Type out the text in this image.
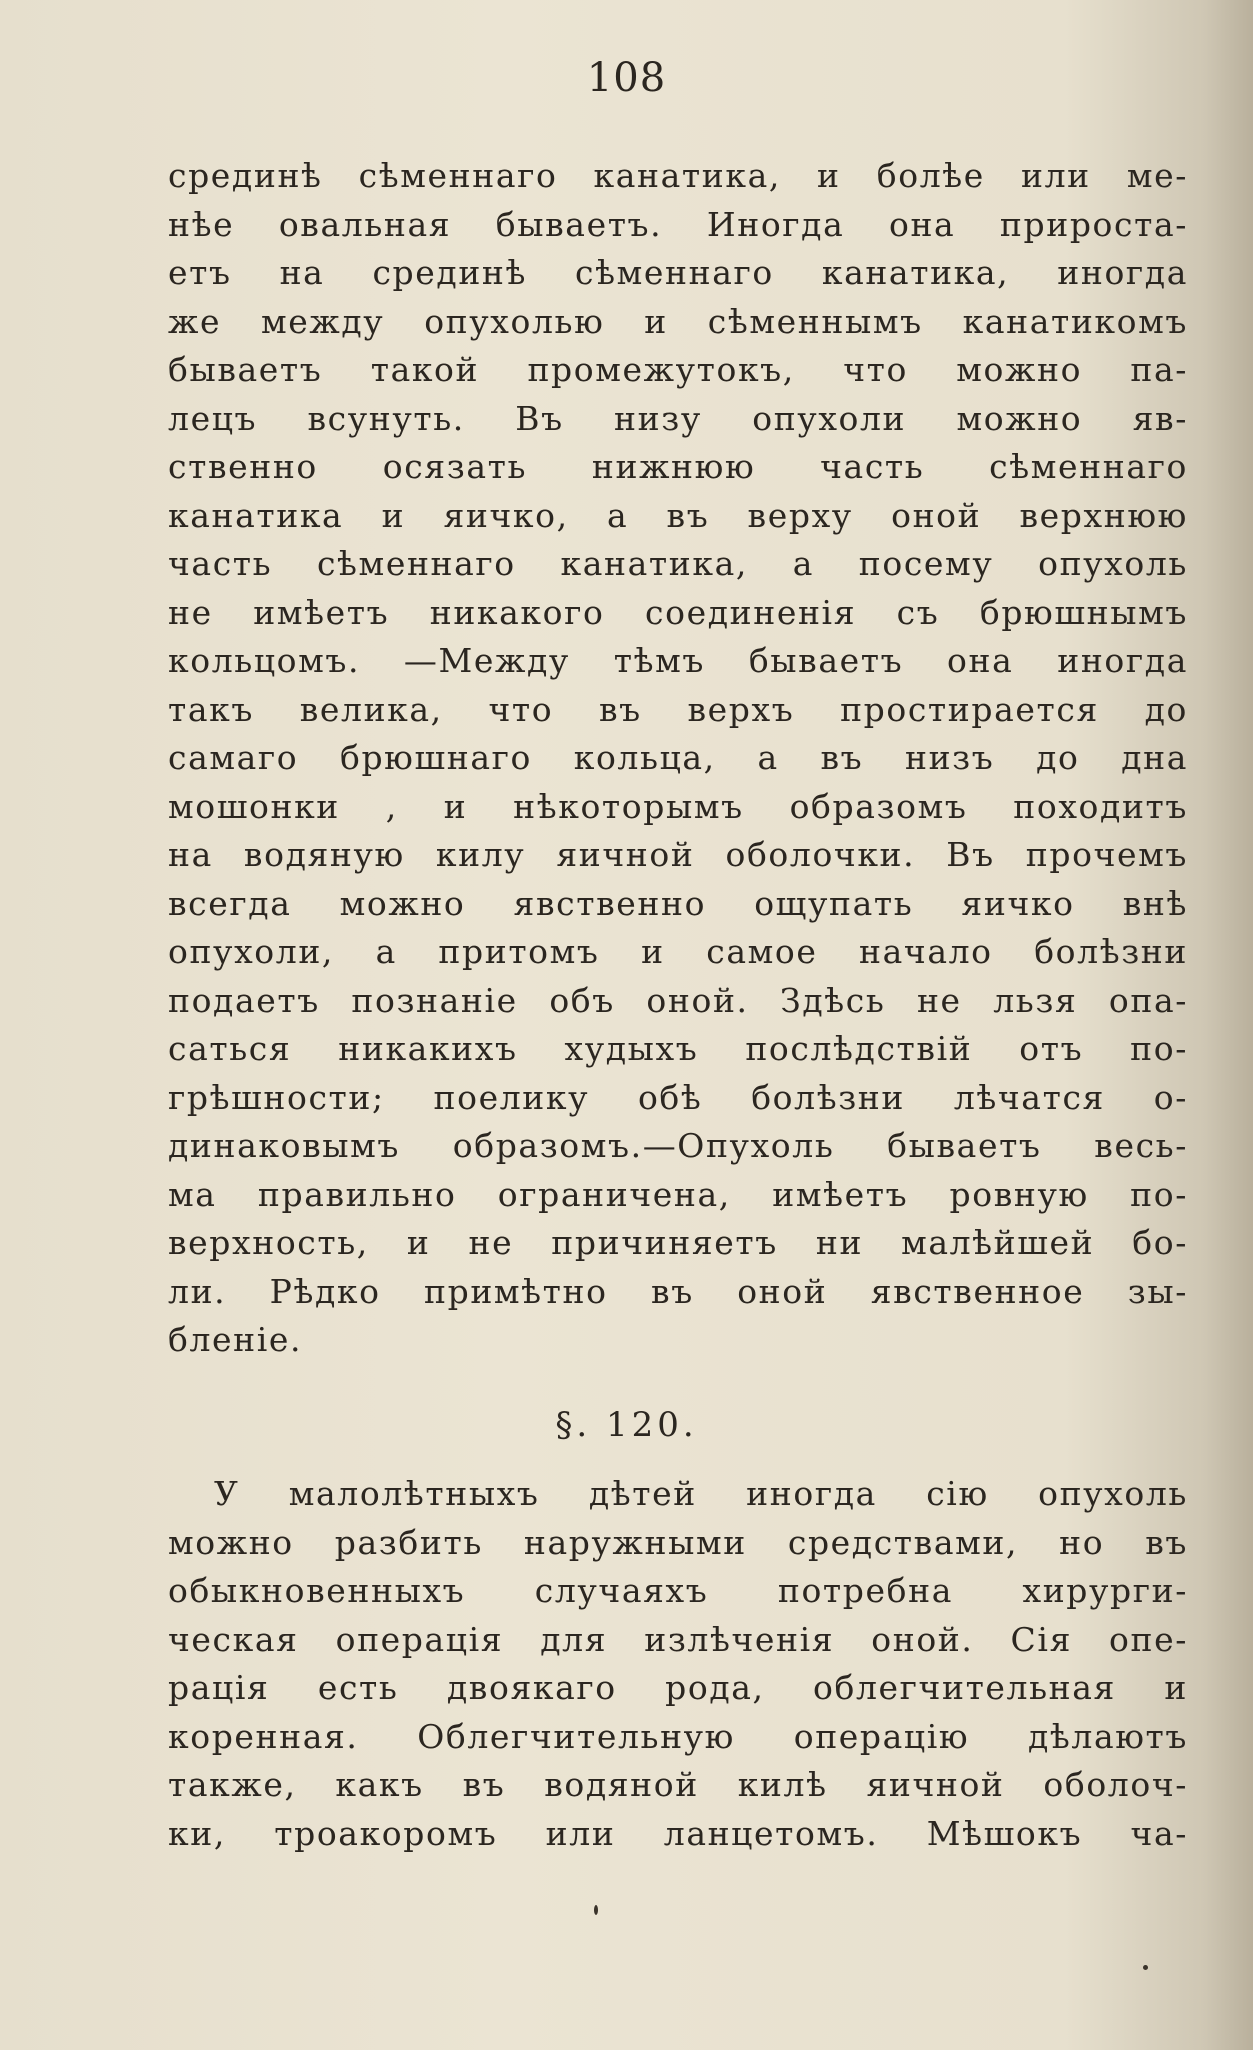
108
срединѣ сѣменнаго канатика, и болѣе или ме-
нѣе овальная бываетъ. Иногда она приростa-
етъ на срединѣ сѣменнаго канатика, иногда
же между опухолью и сѣменнымъ канатикомъ
бываетъ такой промежутокъ, что можно па-
лецъ всунуть. Въ низу опухоли можно яв-
ственно осязать нижнюю часть сѣменнаго
канатика и яичко, а въ верху оной верхнюю
часть сѣменнаго канатика, а посему опухоль
не имѣетъ никакого соединенія съ брюшнымъ
кольцомъ. —Между тѣмъ бываетъ она иногда
такъ велика, что въ верхъ простирается до
самаго брюшнаго кольца, а въ низъ до дна
мошонки , и нѣкоторымъ образомъ походитъ
на водяную килу яичной оболочки. Въ прочемъ
всегда можно явственно ощупать яичко внѣ
опухоли, а притомъ и самое начало болѣзни
подаетъ познаніе объ оной. Здѣсь не льзя опа-
саться никакихъ худыхъ послѣдствій отъ по-
грѣшности; поелику обѣ болѣзни лѣчатся о-
динаковымъ образомъ.—Опухоль бываетъ весь-
ма правильно ограничена, имѣетъ ровную по-
верхность, и не причиняетъ ни малѣйшей бо-
ли. Рѣдко примѣтно въ оной явственное зы-
бленіе.
§. 120.
У малолѣтныхъ дѣтей иногда сію опухоль
можно разбить наружными средствами, но въ
обыкновенныхъ случаяхъ потребна хирурги-
ческая операція для излѣченія оной. Сія опе-
рація есть двоякаго рода, облегчительная и
коренная. Облегчительную операцію дѣлаютъ
также, какъ въ водяной килѣ яичной оболоч-
ки, троакоромъ или ланцетомъ. Мѣшокъ ча-
